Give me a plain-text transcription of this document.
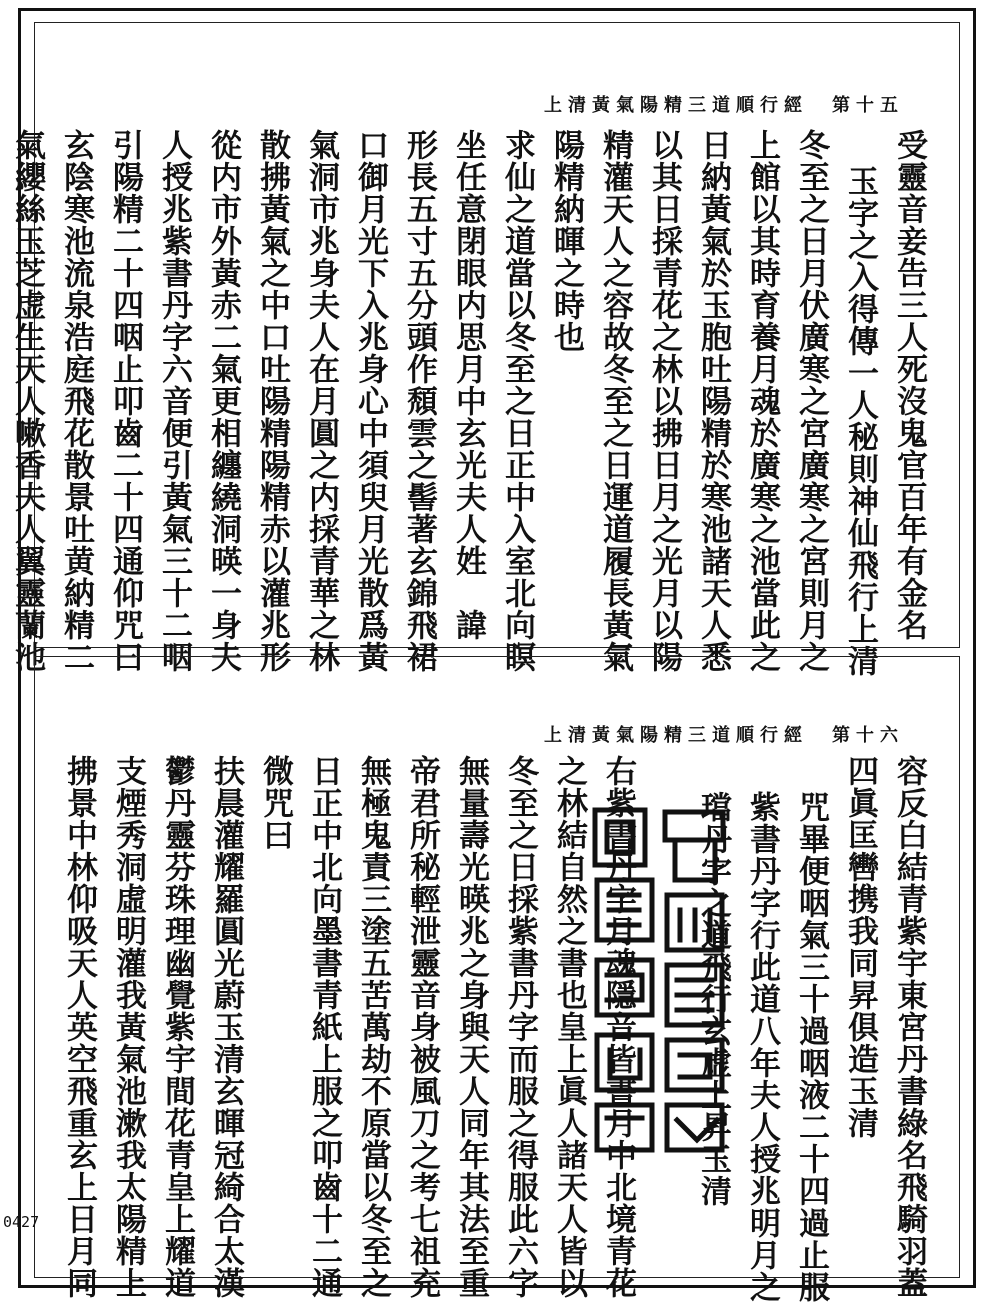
上清黃氣陽精三道順行經　第十五
受靈音妾告三人死沒鬼官百年有金名
玉字之入得傳一人秘則神仙飛行上清
冬至之日月伏廣寒之宮廣寒之宮則月之
上館以其時育養月魂於廣寒之池當此之
日納黃氣於玉胞吐陽精於寒池諸天人悉
以其日採青花之林以拂日月之光月以陽
精灌天人之容故冬至之日運道履長黃氣
陽精納暉之時也
求仙之道當以冬至之日正中入室北向瞑
坐任意閉眼内思月中玄光夫人姓　諱
形長五寸五分頭作頹雲之髻著玄錦飛裙
口御月光下入兆身心中須臾月光散爲黃
氣洞市兆身夫人在月圓之内採青華之林
散拂黃氣之中口吐陽精陽精赤以灌兆形
從内市外黃赤二氣更相纏繞洞暎一身夫
人授兆紫書丹字六音便引黃氣三十二咽
引陽精二十四咽止叩齒二十四通仰咒曰
玄陰寒池流泉浩庭飛花散景吐黄納精二
氣纓絲玉芝虚生天人嗽香夫人翼靈蘭池
上清黃氣陽精三道順行經　第十六
容反白結青紫宇東宮丹書綠名飛騎羽蓋
四眞匡轡携我同昇俱造玉清
咒畢便咽氣三十過咽液二十四過止服
紫書丹字行此道八年夫人授兆明月之
璫丹字之道飛行玄虚上昇玉清
右紫書丹字月魂隱音皆書月中北境青花
之林結自然之書也皇上眞人諸天人皆以
冬至之日採紫書丹字而服之得服此六字
無量壽光暎兆之身與天人同年其法至重
帝君所秘輕泄靈音身被風刀之考七祖充
無極鬼責三塗五苦萬劫不原當以冬至之
日正中北向墨書青紙上服之叩齒十二通
微咒曰
扶晨灌耀羅圓光蔚玉清玄暉冠綺合太漢
鬱丹靈芬珠理幽覺紫宇間花青皇上耀道
支煙秀洞虛明灌我黃氣池漱我太陽精上
拂景中林仰吸天人英空飛重玄上日月同
0427
